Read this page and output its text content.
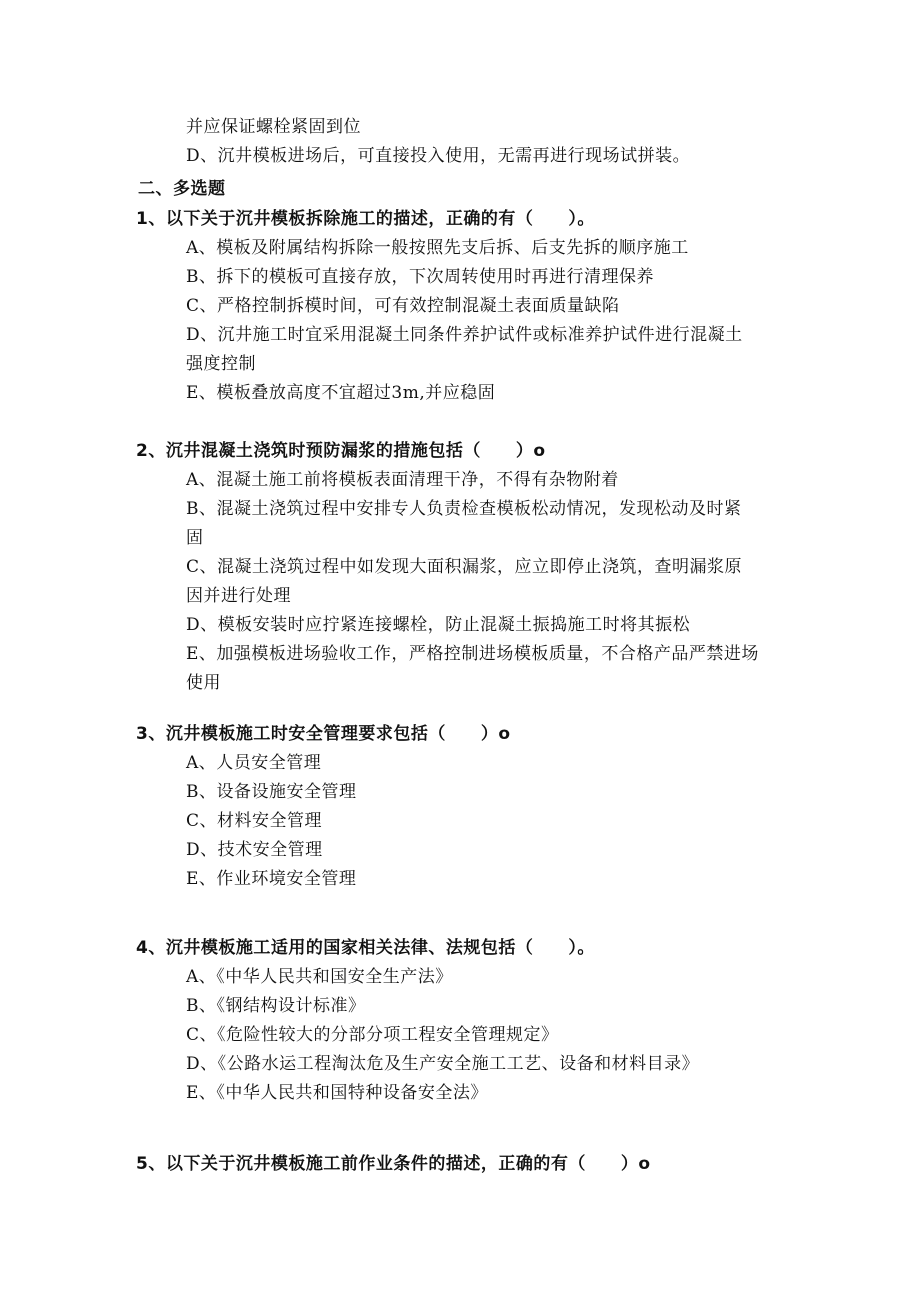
并应保证螺栓紧固到位
D、沉井模板进场后，可直接投入使用，无需再进行现场试拼装。
二、多选题
1、以下关于沉井模板拆除施工的描述，正确的有（　　）。
A、模板及附属结构拆除一般按照先支后拆、后支先拆的顺序施工
B、拆下的模板可直接存放，下次周转使用时再进行清理保养
C、严格控制拆模时间，可有效控制混凝土表面质量缺陷
D、沉井施工时宜采用混凝土同条件养护试件或标准养护试件进行混凝土
强度控制
E、模板叠放高度不宜超过3m,并应稳固
2、沉井混凝土浇筑时预防漏浆的措施包括（　　）o
A、混凝土施工前将模板表面清理干净，不得有杂物附着
B、混凝土浇筑过程中安排专人负责检查模板松动情况，发现松动及时紧
固
C、混凝土浇筑过程中如发现大面积漏浆，应立即停止浇筑，查明漏浆原
因并进行处理
D、模板安装时应拧紧连接螺栓，防止混凝土振捣施工时将其振松
E、加强模板进场验收工作，严格控制进场模板质量，不合格产品严禁进场
使用
3、沉井模板施工时安全管理要求包括（　　）o
A、人员安全管理
B、设备设施安全管理
C、材料安全管理
D、技术安全管理
E、作业环境安全管理
4、沉井模板施工适用的国家相关法律、法规包括（　　）。
A、《中华人民共和国安全生产法》
B、《钢结构设计标准》
C、《危险性较大的分部分项工程安全管理规定》
D、《公路水运工程淘汰危及生产安全施工工艺、设备和材料目录》
E、《中华人民共和国特种设备安全法》
5、以下关于沉井模板施工前作业条件的描述，正确的有（　　）o
